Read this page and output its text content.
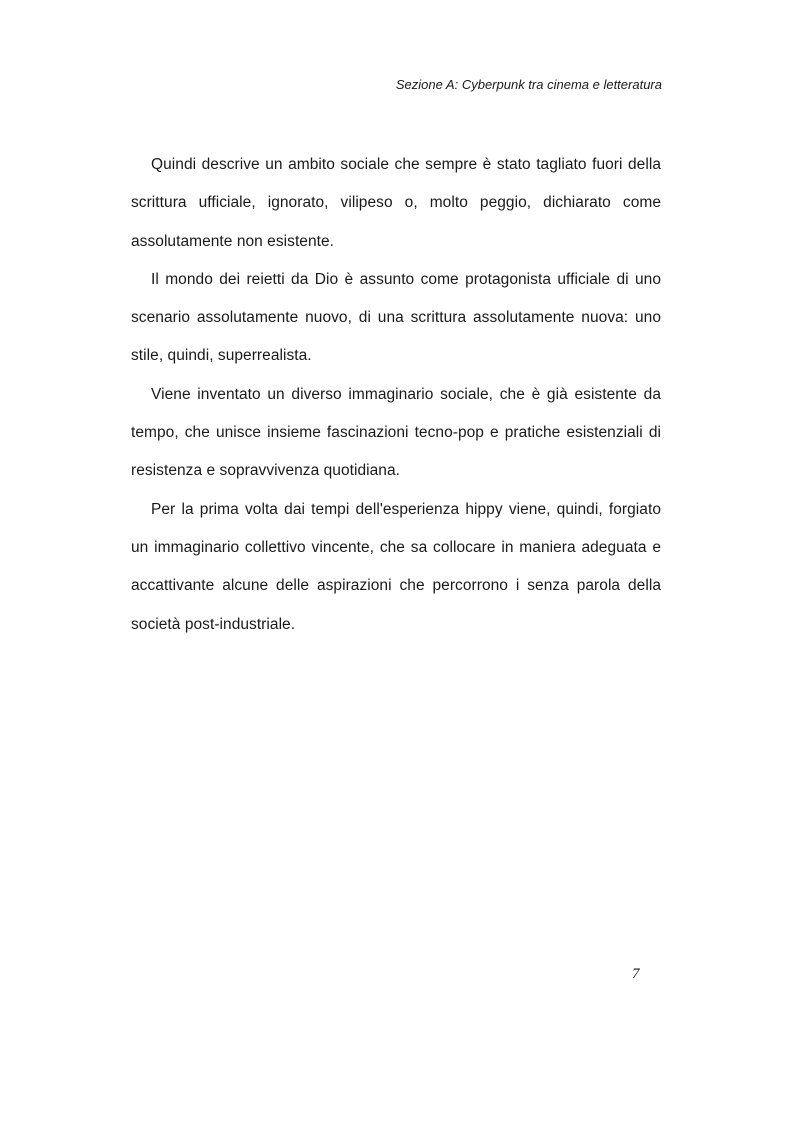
Sezione A: Cyberpunk tra cinema e letteratura

Quindi descrive un ambito sociale che sempre è stato tagliato fuori della scrittura ufficiale, ignorato, vilipeso o, molto peggio, dichiarato come assolutamente non esistente.

Il mondo dei reietti da Dio è assunto come protagonista ufficiale di uno scenario assolutamente nuovo, di una scrittura assolutamente nuova: uno stile, quindi, superrealista.

Viene inventato un diverso immaginario sociale, che è già esistente da tempo, che unisce insieme fascinazioni tecno-pop e pratiche esistenziali di resistenza e sopravvivenza quotidiana.

Per la prima volta dai tempi dell'esperienza hippy viene, quindi, forgiato un immaginario collettivo vincente, che sa collocare in maniera adeguata e accattivante alcune delle aspirazioni che percorrono i senza parola della società post-industriale.

7
